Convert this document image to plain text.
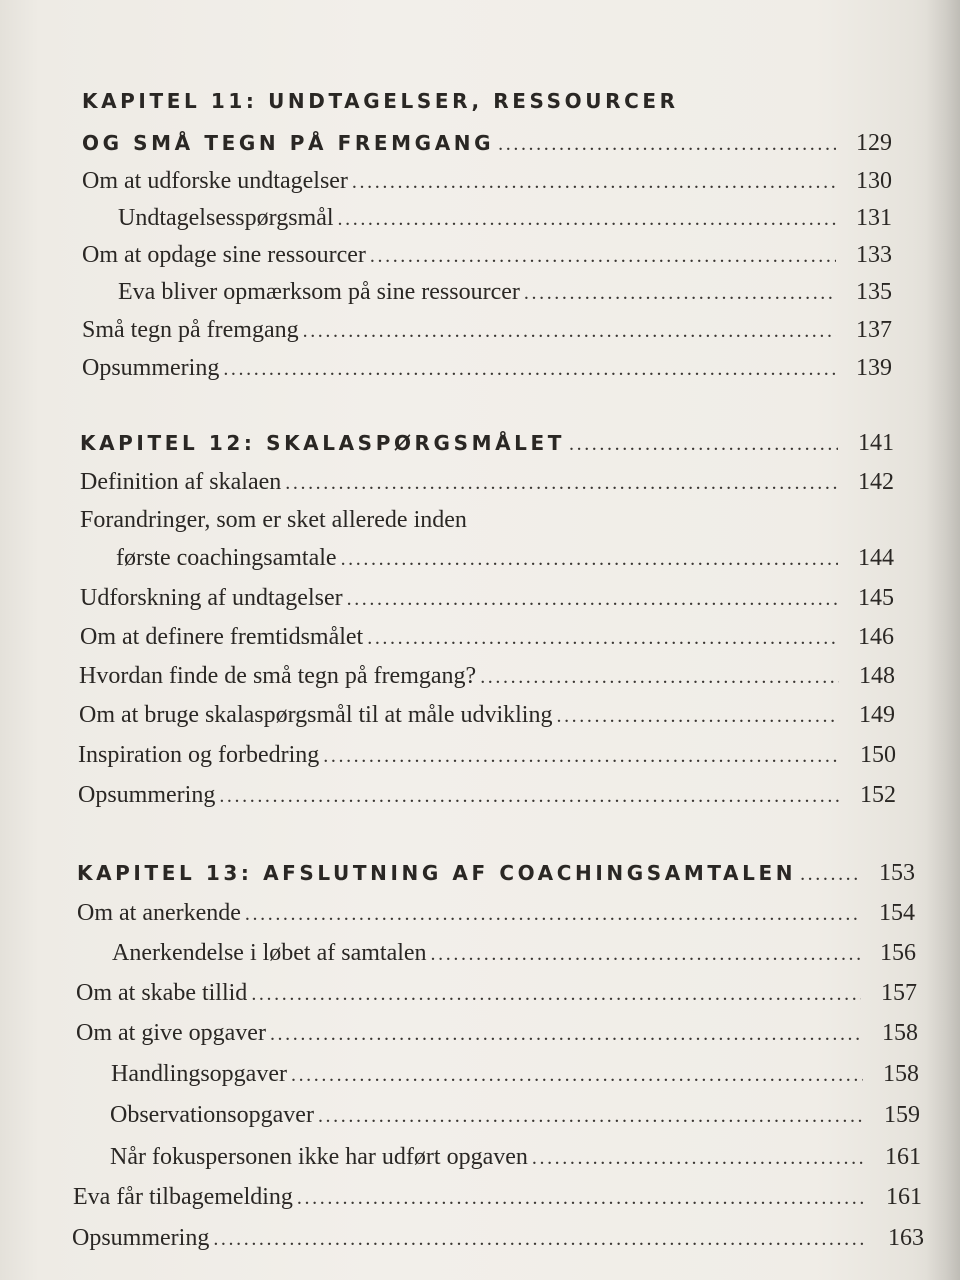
KAPITEL 11: UNDTAGELSER, RESSOURCER
OG SMÅ TEGN PÅ FREMGANG . . .	129
Om at udforske undtagelser . . .	130
Undtagelsesspørgsmål . . .	131
Om at opdage sine ressourcer . . .	133
Eva bliver opmærksom på sine ressourcer . . .	135
Små tegn på fremgang . . .	137
Opsummering . . .	139
KAPITEL 12: SKALASPØRGSMÅLET . . .	141
Definition af skalaen . . .	142
Forandringer, som er sket allerede inden
første coachingsamtale . . .	144
Udforskning af undtagelser . . .	145
Om at definere fremtidsmålet . . .	146
Hvordan finde de små tegn på fremgang? . . .	148
Om at bruge skalaspørgsmål til at måle udvikling . . .	149
Inspiration og forbedring . . .	150
Opsummering . . .	152
KAPITEL 13: AFSLUTNING AF COACHINGSAMTALEN . . .	153
Om at anerkende . . .	154
Anerkendelse i løbet af samtalen . . .	156
Om at skabe tillid . . .	157
Om at give opgaver . . .	158
Handlingsopgaver . . .	158
Observationsopgaver . . .	159
Når fokuspersonen ikke har udført opgaven . . .	161
Eva får tilbagemelding . . .	161
Opsummering . . .	163
